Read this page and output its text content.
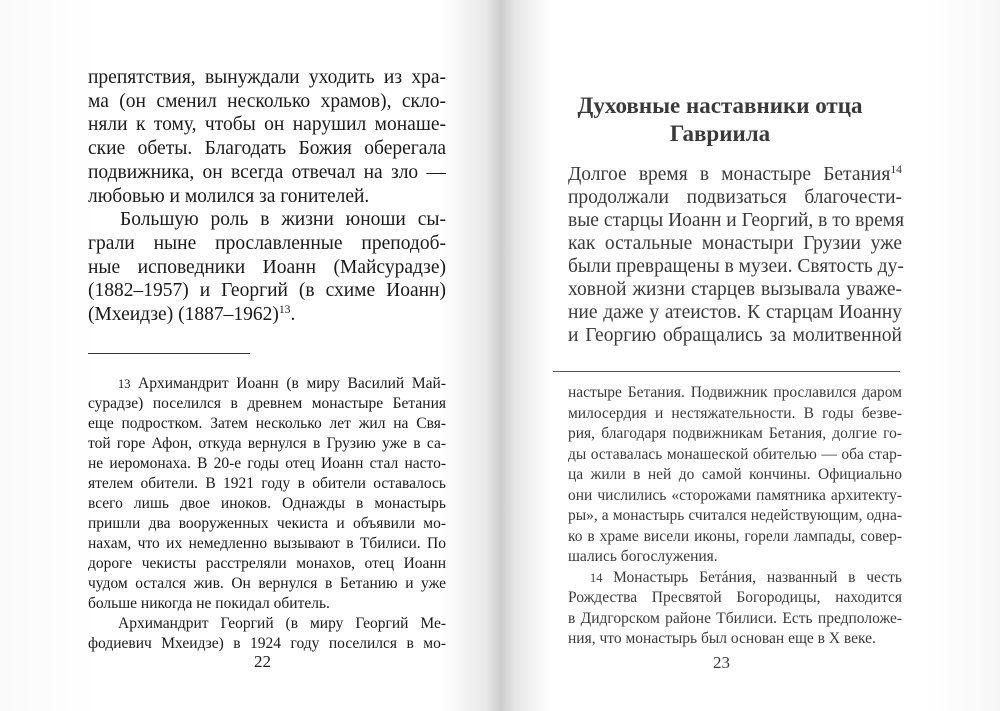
препятствия, вынуждали уходить из хра-
ма (он сменил несколько храмов), скло-
няли к тому, чтобы он нарушил монаше-
ские обеты. Благодать Божия оберегала
подвижника, он всегда отвечал на зло —
любовью и молился за гонителей.
Большую роль в жизни юноши сы-
грали ныне прославленные преподоб-
ные исповедники Иоанн (Майсурадзе)
(1882–1957) и Георгий (в схиме Иоанн)
(Мхеидзе) (1887–1962)$^{13}$.
13 Архимандрит Иоанн (в миру Василий Май-
сурадзе) поселился в древнем монастыре Бетания
еще подростком. Затем несколько лет жил на Свя-
той горе Афон, откуда вернулся в Грузию уже в са-
не иеромонаха. В 20-е годы отец Иоанн стал насто-
ятелем обители. В 1921 году в обители оставалось
всего лишь двое иноков. Однажды в монастырь
пришли два вооруженных чекиста и объявили мо-
нахам, что их немедленно вызывают в Тбилиси. По
дороге чекисты расстреляли монахов, отец Иоанн
чудом остался жив. Он вернулся в Бетанию и уже
больше никогда не покидал обитель.
Архимандрит Георгий (в миру Георгий Ме-
фодиевич Мхеидзе) в 1924 году поселился в мо-
22
Духовные наставники отца
Гавриила
Долгое время в монастыре Бетания$^{14}$
продолжали подвизаться благочести-
вые старцы Иоанн и Георгий, в то время
как остальные монастыри Грузии уже
были превращены в музеи. Святость ду-
ховной жизни старцев вызывала уваже-
ние даже у атеистов. К старцам Иоанну
и Георгию обращались за молитвенной
настыре Бетания. Подвижник прославился даром
милосердия и нестяжательности. В годы безве-
рия, благодаря подвижникам Бетания, долгие го-
ды оставалась монашеской обителью — оба стар-
ца жили в ней до самой кончины. Официально
они числились «сторожами памятника архитекту-
ры», а монастырь считался недействующим, одна-
ко в храме висели иконы, горели лампады, совер-
шались богослужения.
14 Монастырь Бетáния, названный в честь
Рождества Пресвятой Богородицы, находится
в Дидгорском районе Тбилиси. Есть предположе-
ния, что монастырь был основан еще в X веке.
23
